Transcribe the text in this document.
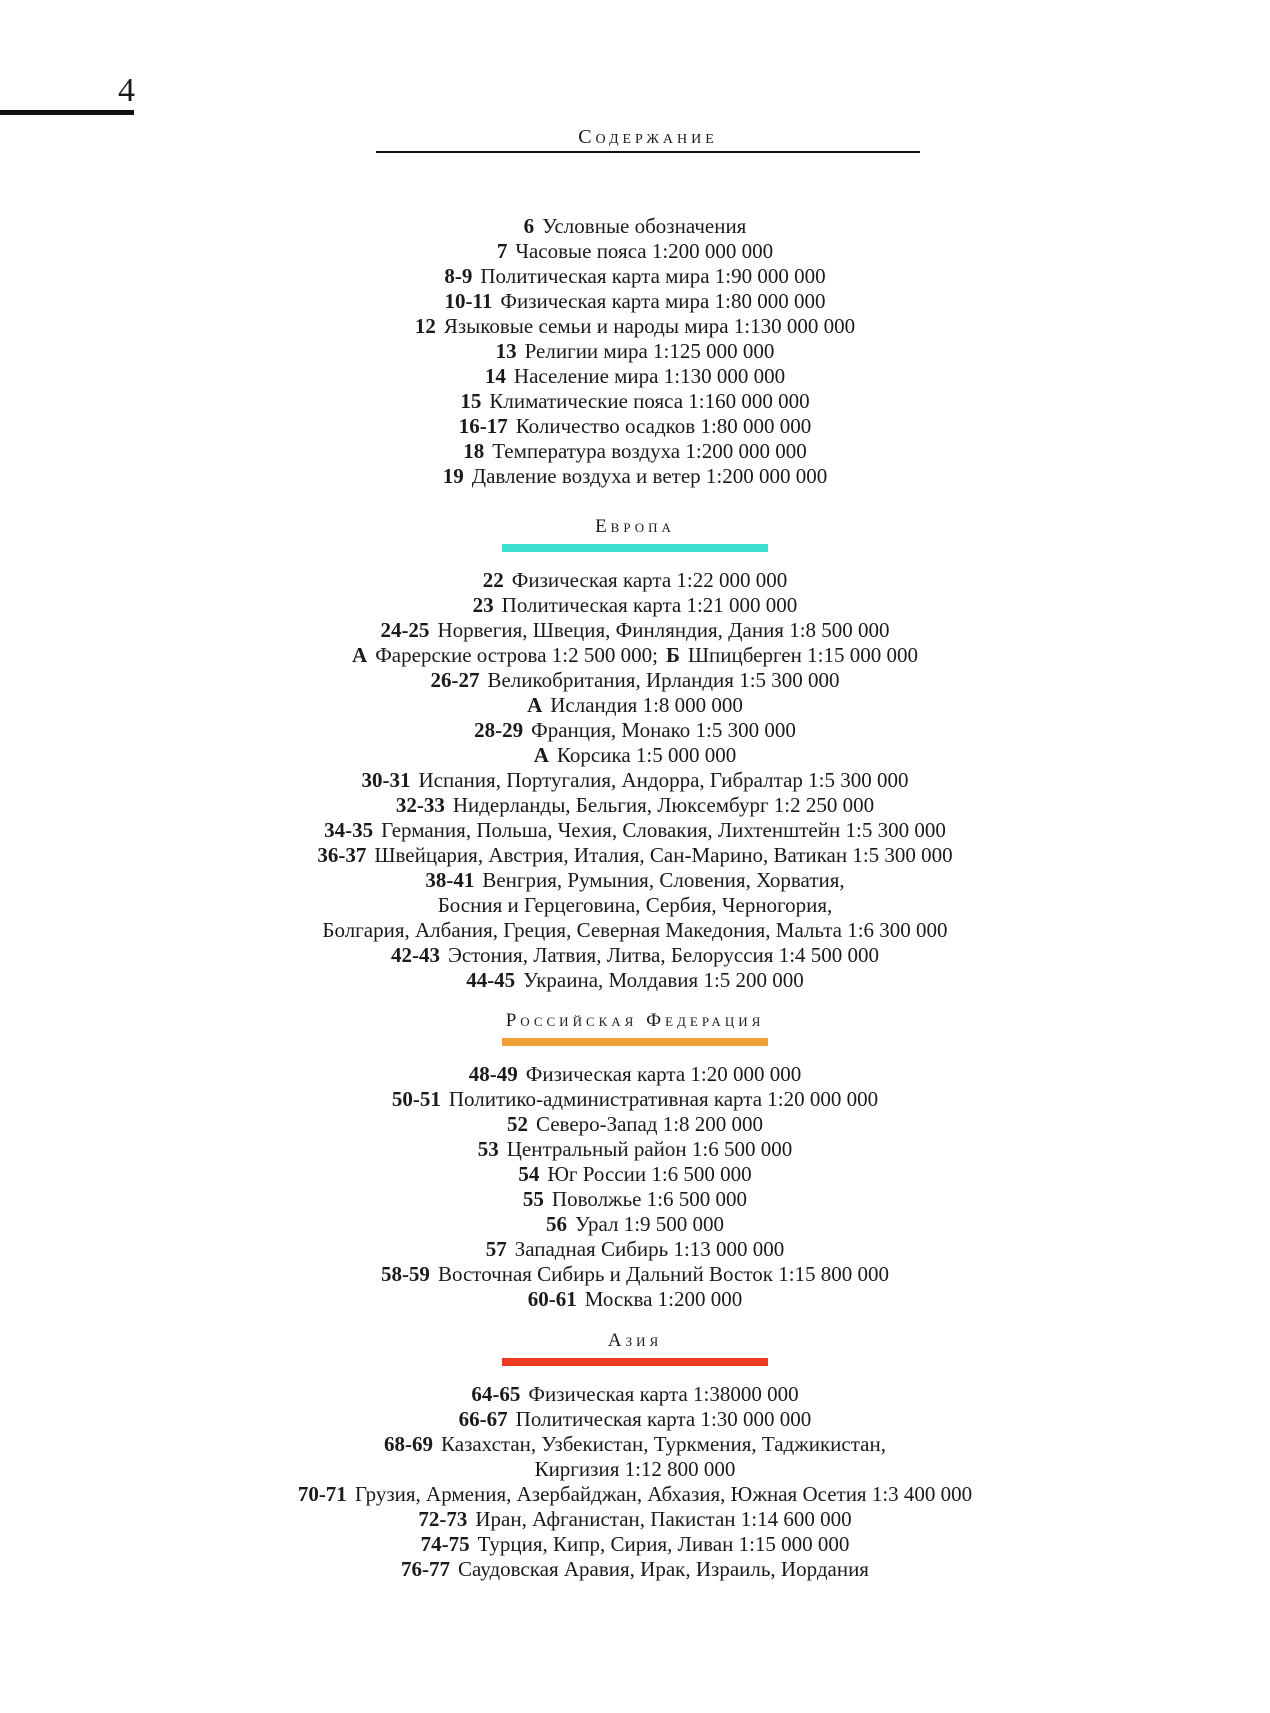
4
Содержание
6 Условные обозначения
7 Часовые пояса 1:200 000 000
8-9 Политическая карта мира 1:90 000 000
10-11 Физическая карта мира 1:80 000 000
12 Языковые семьи и народы мира 1:130 000 000
13 Религии мира 1:125 000 000
14 Население мира 1:130 000 000
15 Климатические пояса 1:160 000 000
16-17 Количество осадков 1:80 000 000
18 Температура воздуха 1:200 000 000
19 Давление воздуха и ветер 1:200 000 000
Европа
22 Физическая карта 1:22 000 000
23 Политическая карта 1:21 000 000
24-25 Норвегия, Швеция, Финляндия, Дания 1:8 500 000
А Фарерские острова 1:2 500 000; Б Шпицберген 1:15 000 000
26-27 Великобритания, Ирландия 1:5 300 000
А Исландия 1:8 000 000
28-29 Франция, Монако 1:5 300 000
А Корсика 1:5 000 000
30-31 Испания, Португалия, Андорра, Гибралтар 1:5 300 000
32-33 Нидерланды, Бельгия, Люксембург 1:2 250 000
34-35 Германия, Польша, Чехия, Словакия, Лихтенштейн 1:5 300 000
36-37 Швейцария, Австрия, Италия, Сан-Марино, Ватикан 1:5 300 000
38-41 Венгрия, Румыния, Словения, Хорватия,
Босния и Герцеговина, Сербия, Черногория,
Болгария, Албания, Греция, Северная Македония, Мальта 1:6 300 000
42-43 Эстония, Латвия, Литва, Белоруссия 1:4 500 000
44-45 Украина, Молдавия 1:5 200 000
Российская Федерация
48-49 Физическая карта 1:20 000 000
50-51 Политико-административная карта 1:20 000 000
52 Северо-Запад 1:8 200 000
53 Центральный район 1:6 500 000
54 Юг России 1:6 500 000
55 Поволжье 1:6 500 000
56 Урал 1:9 500 000
57 Западная Сибирь 1:13 000 000
58-59 Восточная Сибирь и Дальний Восток 1:15 800 000
60-61 Москва 1:200 000
Азия
64-65 Физическая карта 1:38000 000
66-67 Политическая карта 1:30 000 000
68-69 Казахстан, Узбекистан, Туркмения, Таджикистан,
Киргизия 1:12 800 000
70-71 Грузия, Армения, Азербайджан, Абхазия, Южная Осетия 1:3 400 000
72-73 Иран, Афганистан, Пакистан 1:14 600 000
74-75 Турция, Кипр, Сирия, Ливан 1:15 000 000
76-77 Саудовская Аравия, Ирак, Израиль, Иордания
